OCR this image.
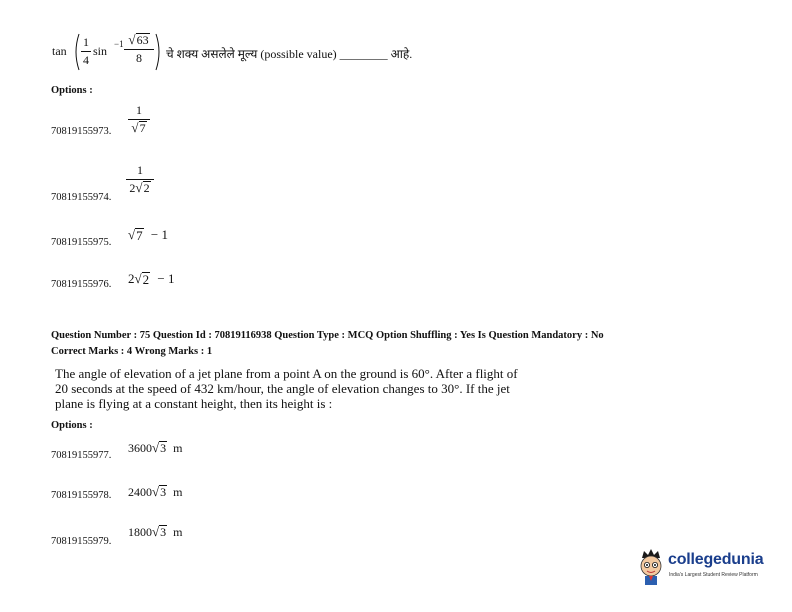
tan
1
4
sin −1 √ 63
8	चे शक्य असलेले मूल्य (possible value) ________ आहे.
Options :
70819155973.
1
√ 7
70819155974.
1
2 √ 2
70819155975.
√ 7 − 1
70819155976. 2 √ 2 − 1
Question Number : 75 Question Id : 70819116938 Question Type : MCQ Option Shuffling : Yes Is Question Mandatory : No
Correct Marks : 4 Wrong Marks : 1
The angle of elevation of a jet plane from a point A on the ground is 60°. After a flight of
20 seconds at the speed of 432 km/hour, the angle of elevation changes to 30°. If the jet
plane is flying at a constant height, then its height is :
Options :
70819155977.
3600 √ 3 m
70819155978. 2400 √ 3 m
70819155979.
1800 √ 3 m
collegedunia
India's Largest Student Review Platform
